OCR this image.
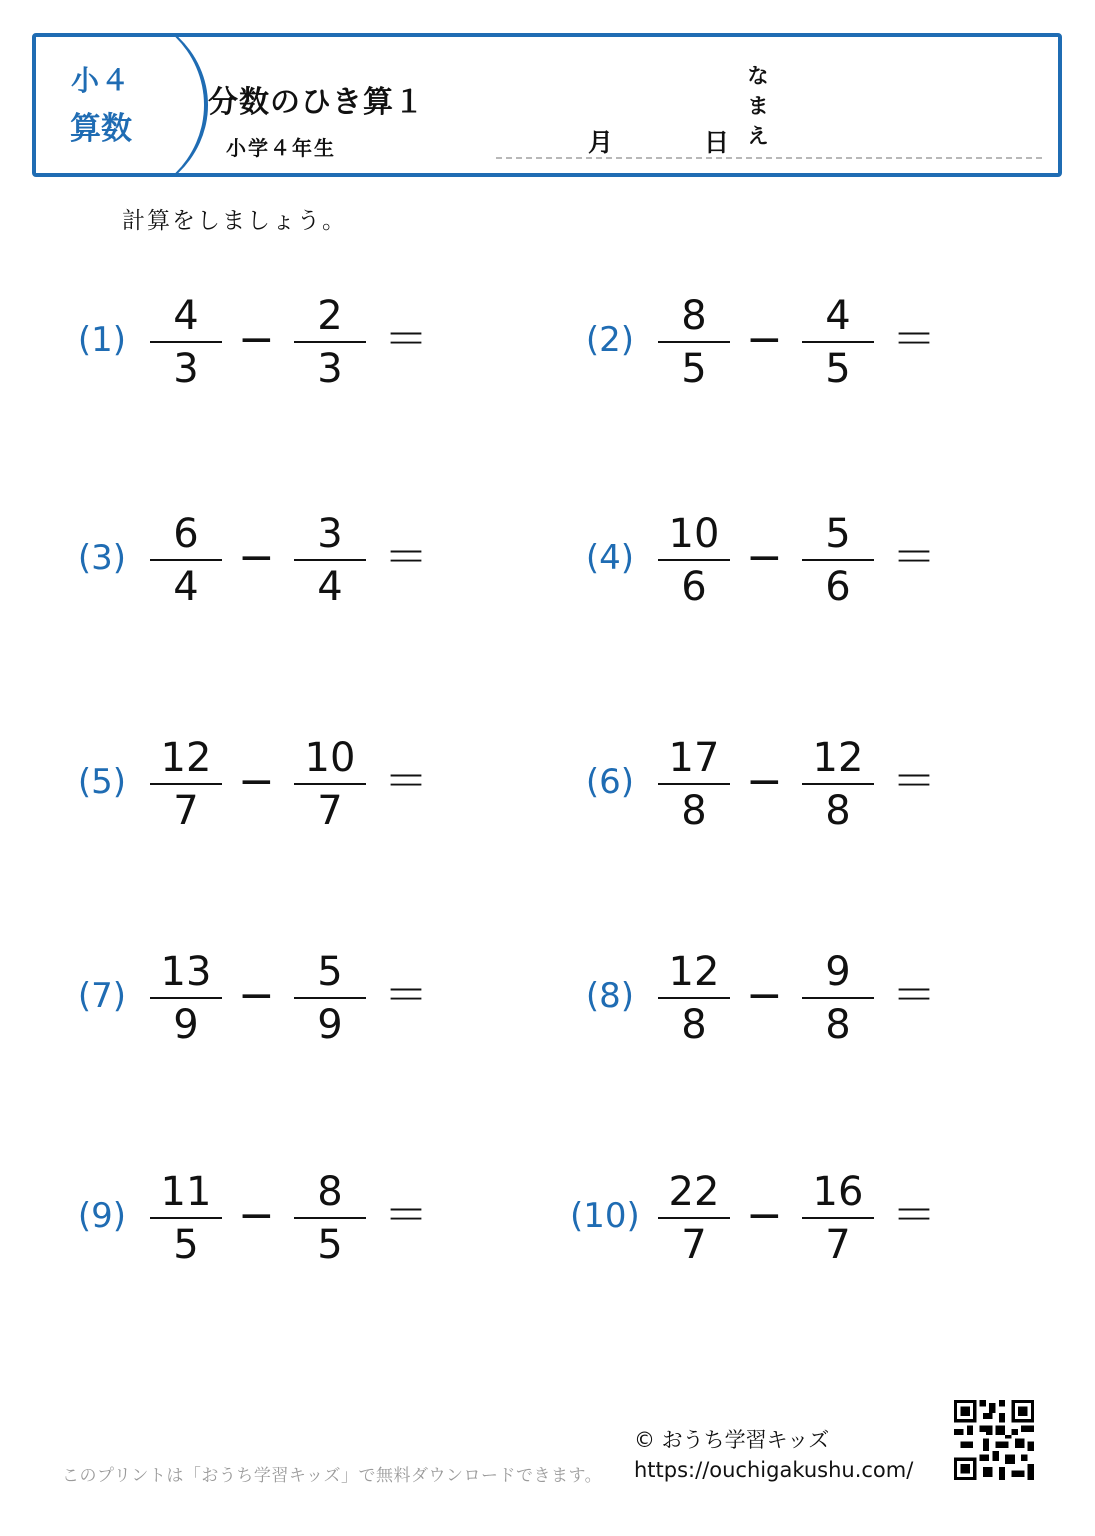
小４
算数
分数のひき算１
小学４年生	月	日
な
ま
え
計算をしましょう。
(1)
4
3
−	2
3
＝	(2)
8
5
−	4
5
＝
(3)
6
4
−	3
4
＝	(4)
10
6
−	5
6
＝
(5)
12
7
− 10
7
＝	(6)
17
8
− 12
8
＝
(7)
13
9
−	5
9
＝	(8)
12
8
−	9
8
＝
(9)
11
5
−	8
5
＝	(10)
22
7
− 16
7
＝
このプリントは「おうち学習キッズ」で無料ダウンロードできます。
© おうち学習キッズ
https://ouchigakushu.com/
